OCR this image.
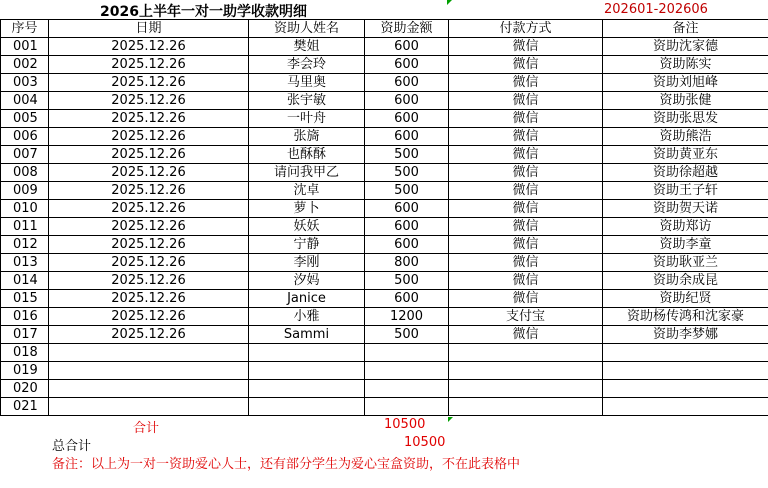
2026上半年一对一助学收款明细	202601-202606
序号	日期	资助人姓名	资助金额	付款方式	备注
001	2025.12.26	樊姐	600	微信	资助沈家德
002	2025.12.26	李会玲	600	微信	资助陈实
003	2025.12.26	马里奥	600	微信	资助刘旭峰
004	2025.12.26	张宇敏	600	微信	资助张健
005	2025.12.26	一叶舟	600	微信	资助张思发
006	2025.12.26	张旖	600	微信	资助熊浩
007	2025.12.26	也酥酥	500	微信	资助黄亚东
008	2025.12.26	请问我甲乙	500	微信	资助徐超越
009	2025.12.26	沈卓	500	微信	资助王子轩
010	2025.12.26	萝卜	600	微信	资助贺天诺
011	2025.12.26	妖妖	600	微信	资助郑访
012	2025.12.26	宁静	600	微信	资助李童
013	2025.12.26	李刚	800	微信	资助耿亚兰
014	2025.12.26	汐妈	500	微信	资助余成昆
015	2025.12.26	Janice	600	微信	资助纪贤
016	2025.12.26	小雅	1200	支付宝	资助杨传鸿和沈家豪
017	2025.12.26	Sammi	500	微信	资助李梦娜
018					
019					
020					
021					
合计	10500
总合计	10500
备注：以上为一对一资助爱心人士，还有部分学生为爱心宝盒资助，不在此表格中
